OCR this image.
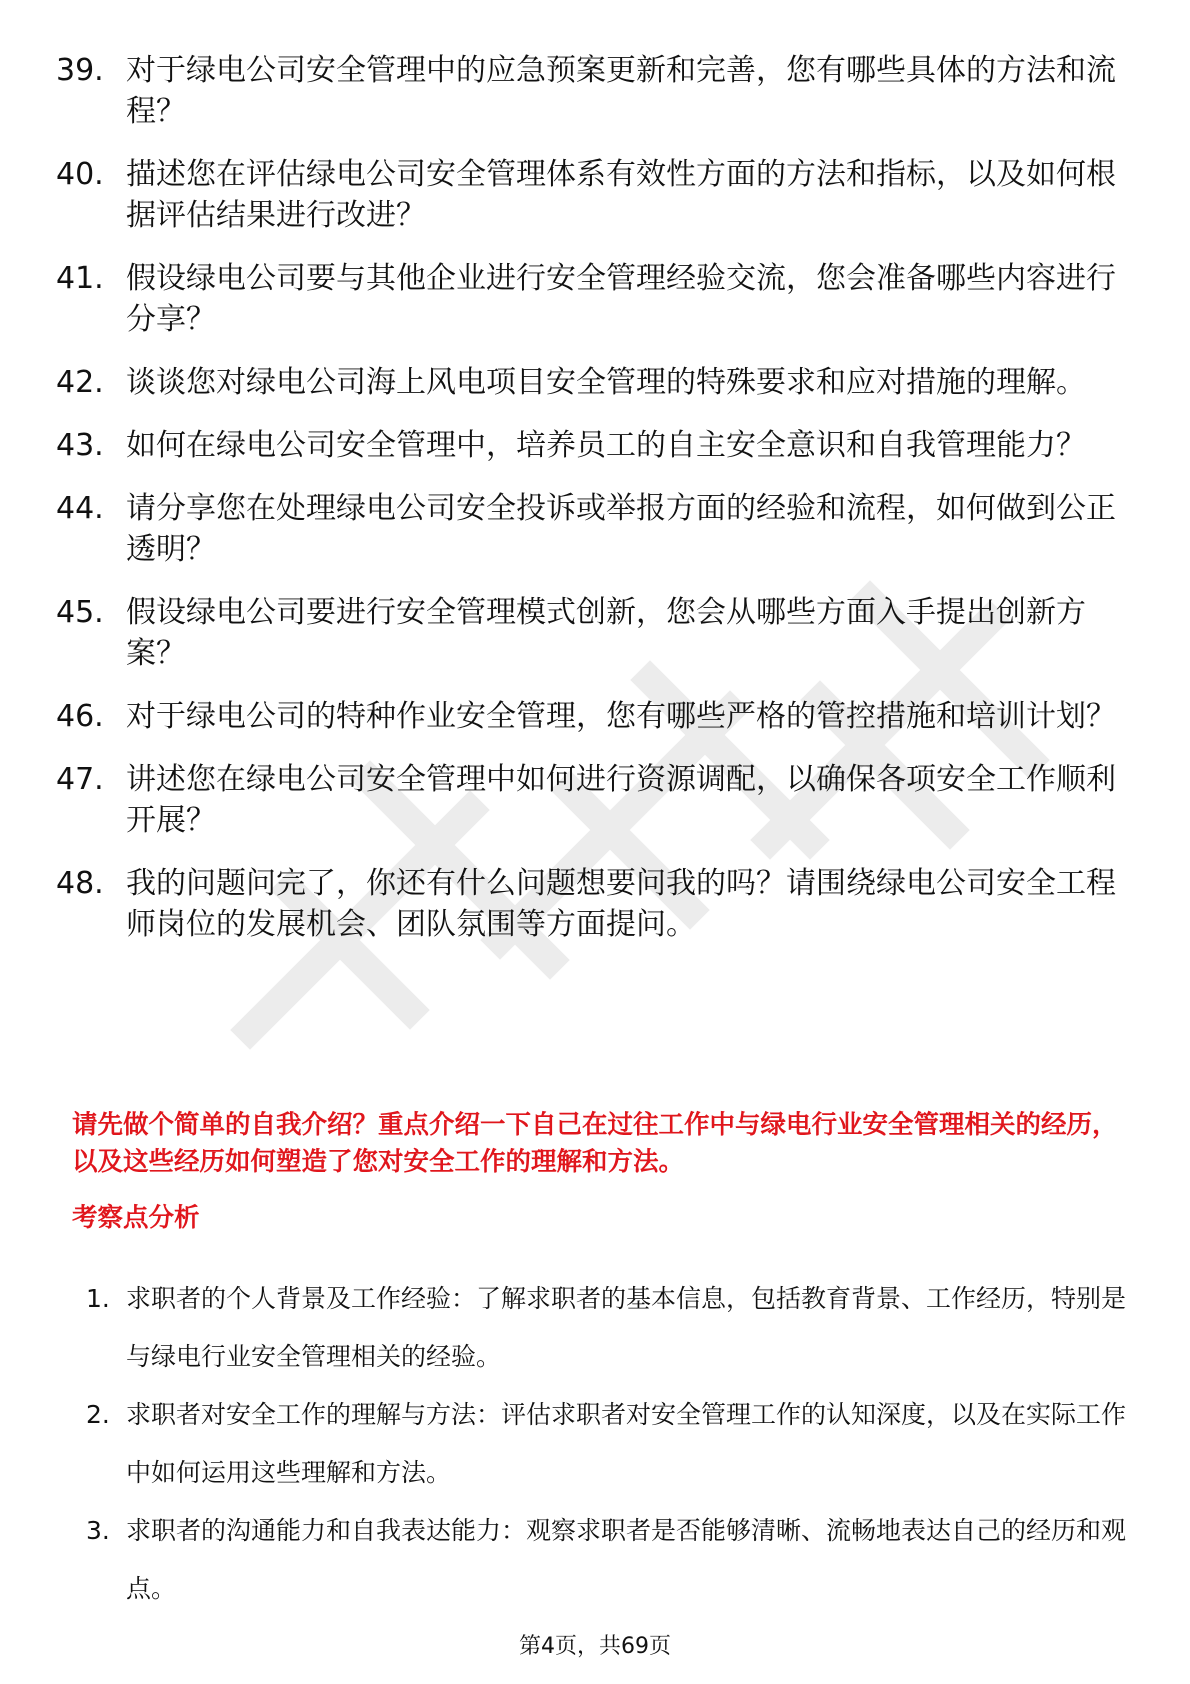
39. 对于绿电公司安全管理中的应急预案更新和完善，您有哪些具体的方法和流程？
40. 描述您在评估绿电公司安全管理体系有效性方面的方法和指标，以及如何根据评估结果进行改进？
41. 假设绿电公司要与其他企业进行安全管理经验交流，您会准备哪些内容进行分享？
42. 谈谈您对绿电公司海上风电项目安全管理的特殊要求和应对措施的理解。
43. 如何在绿电公司安全管理中，培养员工的自主安全意识和自我管理能力？
44. 请分享您在处理绿电公司安全投诉或举报方面的经验和流程，如何做到公正透明？
45. 假设绿电公司要进行安全管理模式创新，您会从哪些方面入手提出创新方案？
46. 对于绿电公司的特种作业安全管理，您有哪些严格的管控措施和培训计划？
47. 讲述您在绿电公司安全管理中如何进行资源调配，以确保各项安全工作顺利开展？
48. 我的问题问完了，你还有什么问题想要问我的吗？请围绕绿电公司安全工程师岗位的发展机会、团队氛围等方面提问。
请先做个简单的自我介绍？重点介绍一下自己在过往工作中与绿电行业安全管理相关的经历，以及这些经历如何塑造了您对安全工作的理解和方法。
考察点分析
1. 求职者的个人背景及工作经验：了解求职者的基本信息，包括教育背景、工作经历，特别是与绿电行业安全管理相关的经验。
2. 求职者对安全工作的理解与方法：评估求职者对安全管理工作的认知深度，以及在实际工作中如何运用这些理解和方法。
3. 求职者的沟通能力和自我表达能力：观察求职者是否能够清晰、流畅地表达自己的经历和观点。
第4页，共69页
